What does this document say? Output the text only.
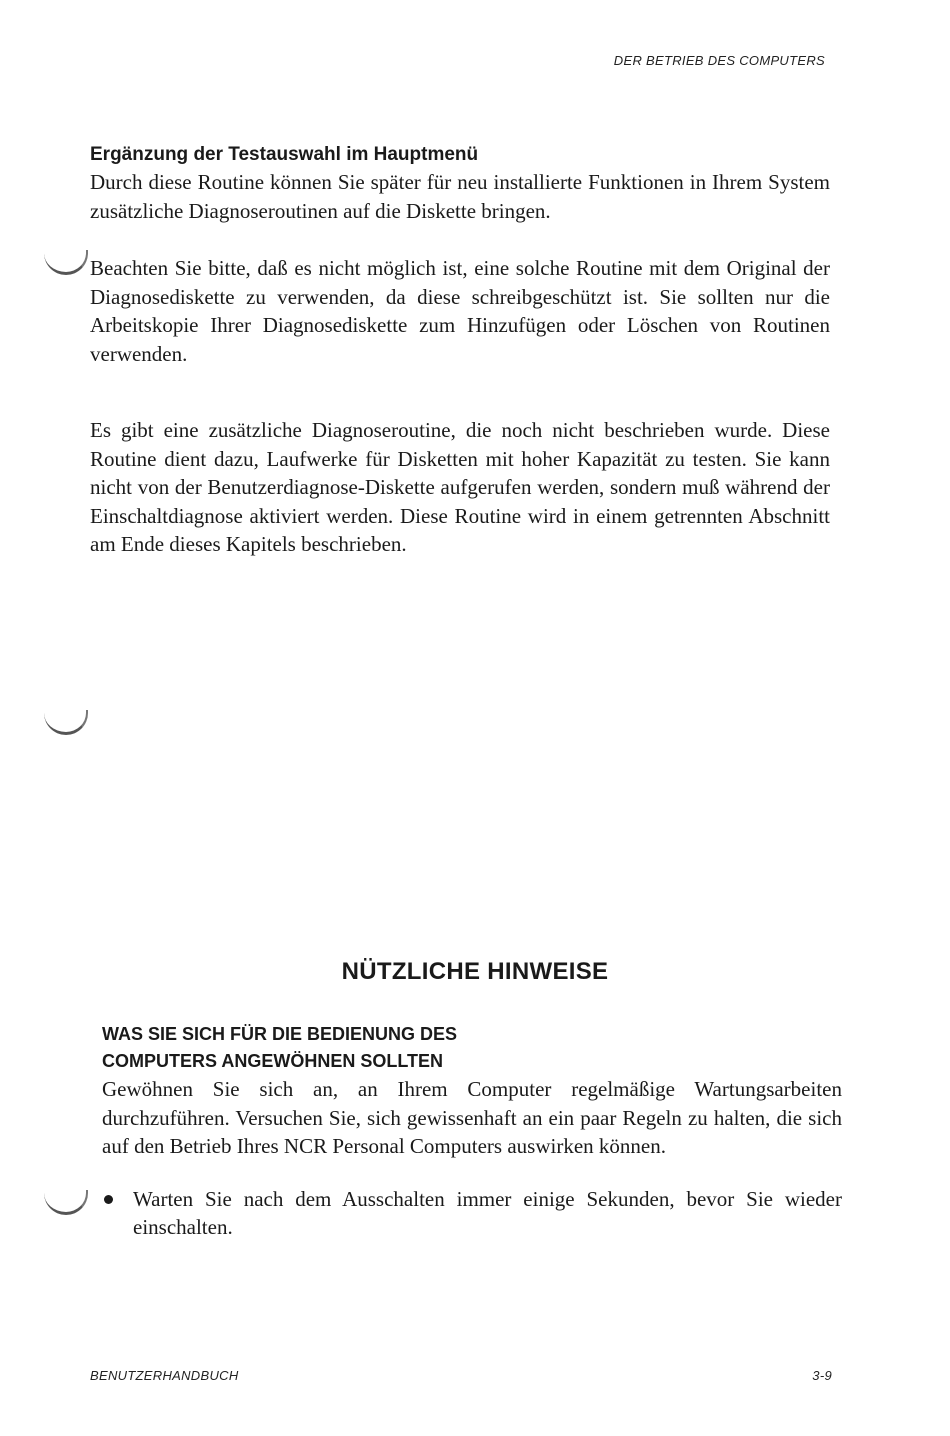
DER BETRIEB DES COMPUTERS
Ergänzung der Testauswahl im Hauptmenü

Durch diese Routine können Sie später für neu installierte Funktionen in Ihrem System zusätzliche Diagnoseroutinen auf die Diskette bringen.

Beachten Sie bitte, daß es nicht möglich ist, eine solche Routine mit dem Original der Diagnosediskette zu verwenden, da diese schreibgeschützt ist. Sie sollten nur die Arbeitskopie Ihrer Diagnosediskette zum Hinzufügen oder Löschen von Routinen verwenden.

Es gibt eine zusätzliche Diagnoseroutine, die noch nicht beschrieben wurde. Diese Routine dient dazu, Laufwerke für Disketten mit hoher Kapazität zu testen. Sie kann nicht von der Benutzerdiagnose-Diskette aufgerufen werden, sondern muß während der Einschaltdiagnose aktiviert werden. Diese Routine wird in einem getrennten Abschnitt am Ende dieses Kapitels beschrieben.

NÜTZLICHE HINWEISE
WAS SIE SICH FÜR DIE BEDIENUNG DES
COMPUTERS ANGEWÖHNEN SOLLTEN

Gewöhnen Sie sich an, an Ihrem Computer regelmäßige Wartungsarbeiten durchzuführen. Versuchen Sie, sich gewissenhaft an ein paar Regeln zu halten, die sich auf den Betrieb Ihres NCR Personal Computers auswirken können.

Warten Sie nach dem Ausschalten immer einige Sekunden, bevor Sie wieder einschalten.

BENUTZERHANDBUCH	3-9
